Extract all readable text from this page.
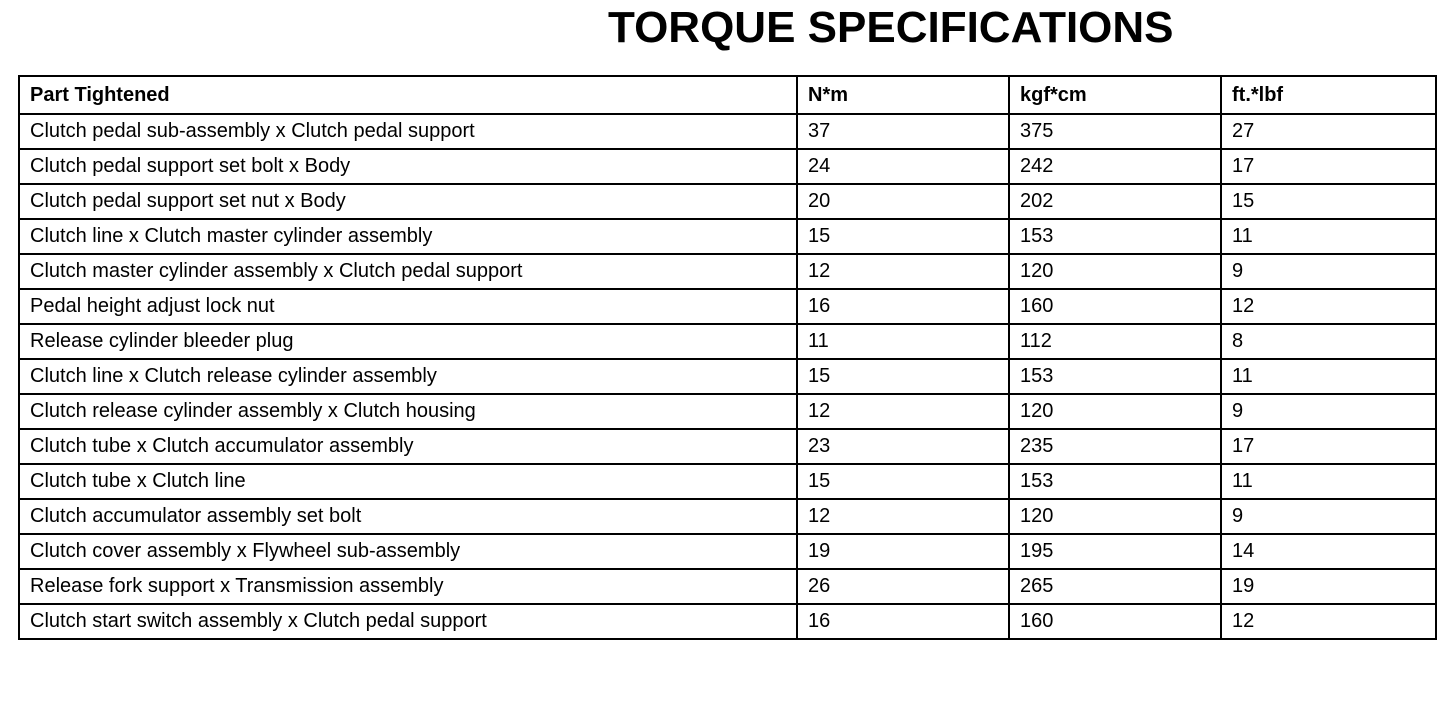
TORQUE SPECIFICATIONS
Part Tightened	N*m	kgf*cm	ft.*lbf
Clutch pedal sub-assembly x Clutch pedal support	37	375	27
Clutch pedal support set bolt x Body	24	242	17
Clutch pedal support set nut x Body	20	202	15
Clutch line x Clutch master cylinder assembly	15	153	11
Clutch master cylinder assembly x Clutch pedal support	12	120	9
Pedal height adjust lock nut	16	160	12
Release cylinder bleeder plug	11	112	8
Clutch line x Clutch release cylinder assembly	15	153	11
Clutch release cylinder assembly x Clutch housing	12	120	9
Clutch tube x Clutch accumulator assembly	23	235	17
Clutch tube x Clutch line	15	153	11
Clutch accumulator assembly set bolt	12	120	9
Clutch cover assembly x Flywheel sub-assembly	19	195	14
Release fork support x Transmission assembly	26	265	19
Clutch start switch assembly x Clutch pedal support	16	160	12
